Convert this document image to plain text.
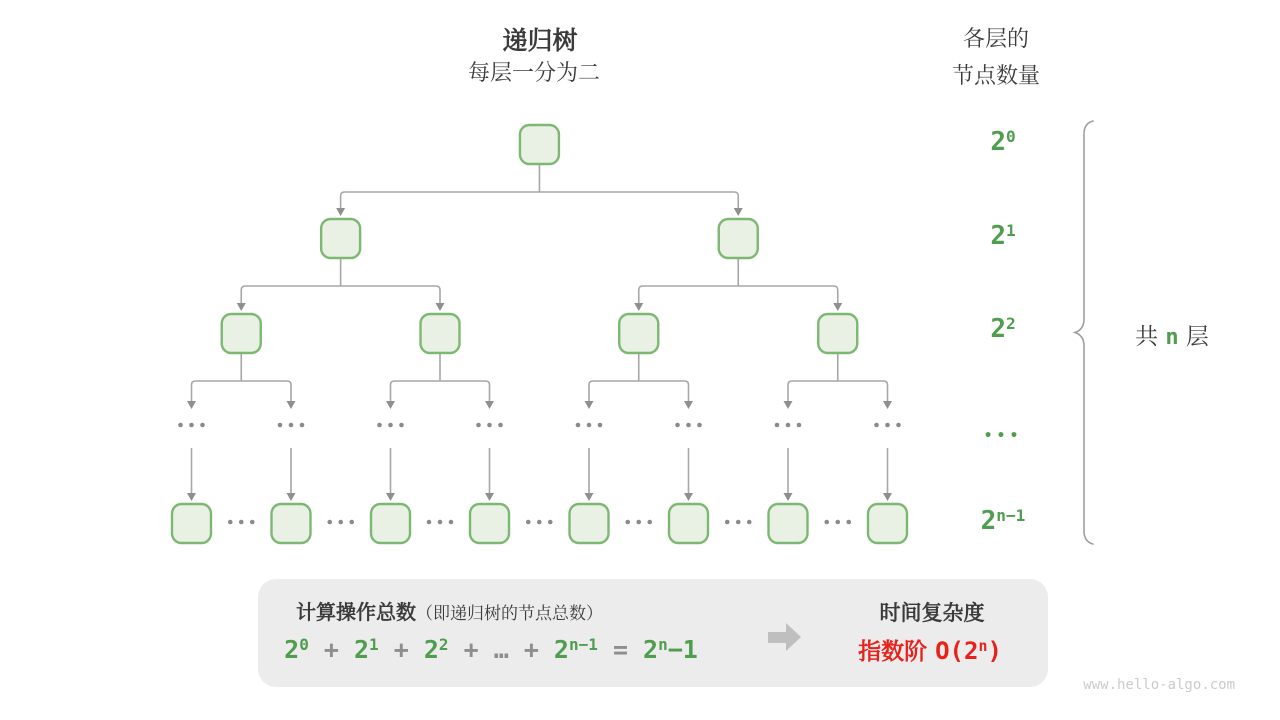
递归树
每层一分为二
各层的
节点数量
$2^0$
$2^1$
$2^2$
•••
$2^{n-1}$
共 n 层
计算操作总数（即递归树的节点总数）
$2^0 + 2^1 + 2^2$ + … + $2^{n-1} = 2^n-1$
时间复杂度
指数阶 O(2$^n$)
www.hello-algo.com
